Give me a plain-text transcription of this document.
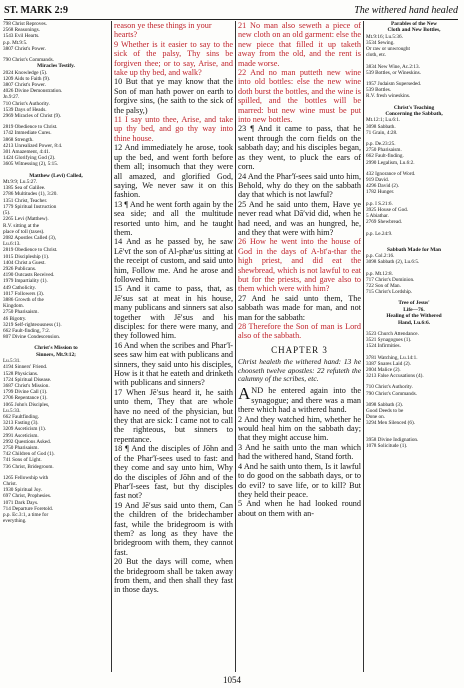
ST. MARK 2:9	The withered hand healed
798 Christ Reproves.
2568 Reasonings.
1543 Evil Hearts.
p.p. Mt.9:5.
3807 Christ's Power.
790 Christ's Commands.
Miracles Testify.
2024 Knowledge (5).
1209 Aids to Faith (9).
3807 Christ's Power.
4026 Divine Demonstration.
Jn.9:27.
710 Christ's Authority.
1539 Days of Heads.
2969 Miracles of Christ (9).
2819 Obedience to Christ.
1742 Immediate Cures.
3868 Strength.
4213 Unrealized Power, 8:4.
301 Amazement, 4:41.
1424 Glorifying God (2).
3605 Witnessing (2), 5:15.
Matthew (Levi) Called,
Mt.9:9; Lu.5:27.
1385 Sea of Galilee.
2786 Multitudes (1), 3:20.
1351 Christ, Teacher.
1779 Spiritual Instruction
(5).
2265 Levi (Matthew).
R.V. sitting at the
place of toll (taxes).
2082 Apostles Called (3),
Lu.6:13.
2819 Obedience to Christ.
1015 Discipleship (1).
1404 Christ a Guest.
2926 Publicans.
4190 Outcasts Received.
1979 Impartiality (1).
449 Catholicity.
1017 Followers (3).
3886 Growth of the
Kingdom.
2750 Pharisaism.
46 Bigotry.
3219 Self-righteousness (1).
662 Fault-finding, 7:2.
807 Divine Condescension.
Christ's Mission to
Sinners, Mt.9:12;
Lu.5:31.
4194 Sinners' Friend.
1528 Physicians.
1724 Spiritual Disease.
3687 Christ's Mission.
1799 Divine Call (1).
2706 Repentance (1).
1065 John's Disciples,
Lu.5:33.
662 Faultfinding.
3213 Fasting (3).
3209 Asceticism (1).
2991 Asceticism.
2992 Questions Asked.
2750 Pharisaism.
742 Children of God (1).
741 Sons of Light.
736 Christ, Bridegroom.
1265 Fellowship with
Christ.
1930 Spiritual Joy.
697 Christ, Prophesies.
1071 Dark Days.
714 Departure Foretold.
p.p. Ec.3:1, a time for
everything.

reason ye these things in your

hearts?

9 Whether is it easier to say to the sick of the palsy, Thy sins be forgiven thee; or to say, Arise, and take up thy bed, and walk?

10 But that ye may know that the Son of man hath power on earth to forgive sins, (he saith to the sick of the palsy,)

11 I say unto thee, Arise, and take up thy bed, and go thy way into thine house.

12 And immediately he arose, took up the bed, and went forth before them all; insomuch that they were all amazed, and glorified God, saying, We never saw it on this fashion.

13 ¶ And he went forth again by the sea side; and all the multitude resorted unto him, and he taught them.

14 And as he passed by, he saw Lē′vī the son of Al-phæ′us sitting at the receipt of custom, and said unto him, Follow me. And he arose and followed him.

15 And it came to pass, that, as Jē′sus sat at meat in his house, many publicans and sinners sat also together with Jē′sus and his disciples: for there were many, and they followed him.

16 And when the scribes and Phar′ĭ-sees saw him eat with publicans and sinners, they said unto his disciples, How is it that he eateth and drinketh with publicans and sinners?

17 When Jē′sus heard it, he saith unto them, They that are whole have no need of the physician, but they that are sick: I came not to call the righteous, but sinners to repentance.

18 ¶ And the disciples of Jōhn and of the Phar′ĭ-sees used to fast: and they come and say unto him, Why do the disciples of Jōhn and of the Phar′ĭ-sees fast, but thy disciples fast not?

19 And Jē′sus said unto them, Can the children of the bridechamber fast, while the bridegroom is with them? as long as they have the bridegroom with them, they cannot fast.

20 But the days will come, when the bridegroom shall be taken away from them, and then shall they fast in those days.

21 No man also seweth a piece of new cloth on an old garment: else the new piece that filled it up taketh away from the old, and the rent is made worse.

22 And no man putteth new wine into old bottles: else the new wine doth burst the bottles, and the wine is spilled, and the bottles will be marred: but new wine must be put into new bottles.

23 ¶ And it came to pass, that he went through the corn fields on the sabbath day; and his disciples began, as they went, to pluck the ears of corn.

24 And the Phar′ĭ-sees said unto him, Behold, why do they on the sabbath day that which is not lawful?

25 And he said unto them, Have ye never read what Dā′vid did, when he had need, and was an hungred, he, and they that were with him?

26 How he went into the house of God in the days of A-bī′a-thar the high priest, and did eat the shewbread, which is not lawful to eat but for the priests, and gave also to them which were with him?

27 And he said unto them, The sabbath was made for man, and not man for the sabbath:

28 Therefore the Son of man is Lord also of the sabbath.

CHAPTER 3
Christ healeth the withered hand: 13 he chooseth twelve apostles: 22 refuteth the calumny of the scribes, etc.

AND he entered again into the synagogue; and there was a man there which had a withered hand.

2 And they watched him, whether he would heal him on the sabbath day; that they might accuse him.

3 And he saith unto the man which had the withered hand, Stand forth.

4 And he saith unto them, Is it lawful to do good on the sabbath days, or to do evil? to save life, or to kill? But they held their peace.

5 And when he had looked round about on them with an-

Parables of the New
Cloth and New Bottles,
Mt.9:16; Lu.5:36.
3534 Sewing.
Or raw or unwrought
cloth, etc.
3834 New Wine, Ac.2:13.
539 Bottles, or Wineskins.
1957 Judaism Superseded.
539 Bottles.
R.V. fresh wineskins.
Christ's Teaching
Concerning the Sabbath,
Mt.12:1; Lu.6:1.
3098 Sabbath.
71 Grain, 4:28.
p.p. De.23:25.
2750 Pharisaism.
662 Fault-finding.
2990 Legalism, Lu.6:2.
432 Ignorance of Word.
919 David.
4296 David (2).
1782 Hunger.
p.p. I S.21:6.
3925 House of God.
5 Abiathar.
2769 Shewbread.
p.p. Le.24:9.
Sabbath Made for Man
p.p. Col.2:16.
3098 Sabbath (2), Lu.6:5.
p.p. Mt.12:8.
717 Christ's Dominion.
722 Son of Man.
715 Christ's Lordship.
Tree of Jesus'
Life—76.
Healing of the Withered
Hand, Lu.6:6.
3523 Church Attendance.
3521 Synagogues (1).
1524 Infirmities.
3781 Watching, Lu.14:1.
3387 Snares Laid (2).
2004 Malice (2).
3213 False Accusations (4).
710 Christ's Authority.
790 Christ's Commands.
3098 Sabbath (3).
Good Deeds to be
Done on.
3294 Men Silenced (6).
3958 Divine Indignation.
1078 Solicitude (1).
1054
